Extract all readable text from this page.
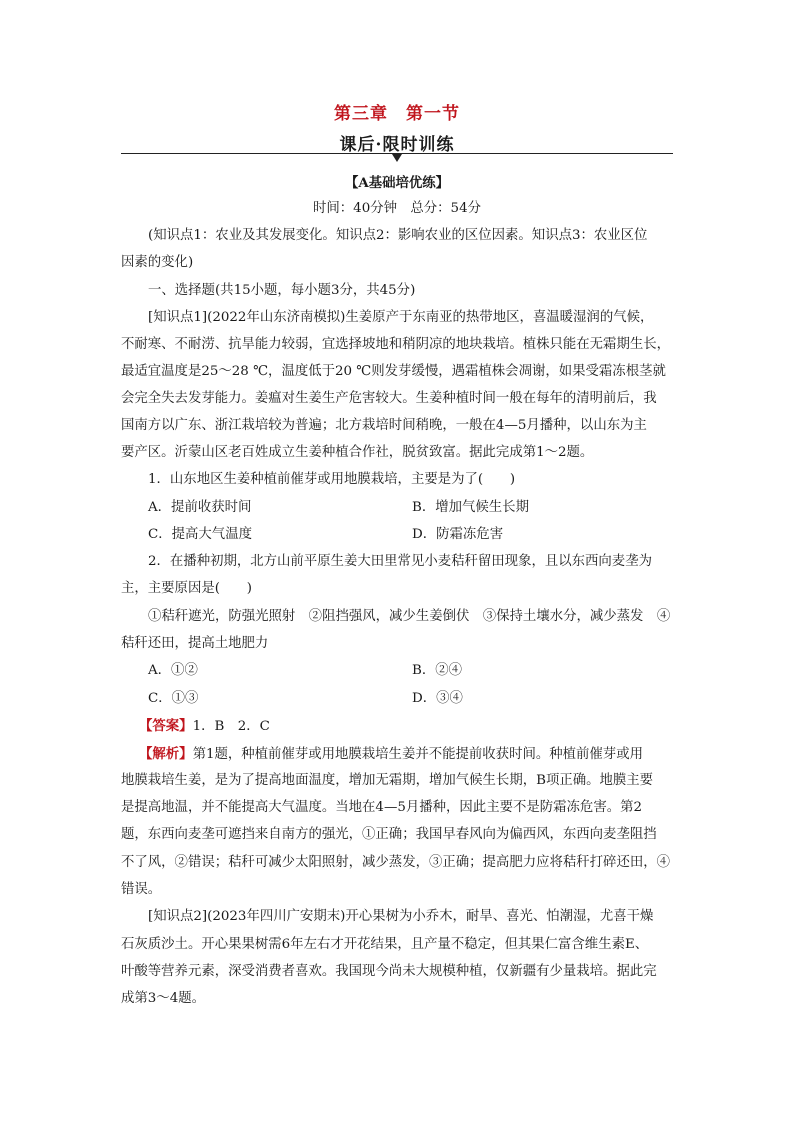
第三章　第一节
课后·限时训练
【A基础培优练】
时间：40分钟　总分：54分
(知识点1：农业及其发展变化。知识点2：影响农业的区位因素。知识点3：农业区位
因素的变化)
一、选择题(共15小题，每小题3分，共45分)
[知识点1](2022年山东济南模拟)生姜原产于东南亚的热带地区，喜温暖湿润的气候，
不耐寒、不耐涝、抗旱能力较弱，宜选择坡地和稍阴凉的地块栽培。植株只能在无霜期生长，
最适宜温度是25～28 ℃，温度低于20 ℃则发芽缓慢，遇霜植株会凋谢，如果受霜冻根茎就
会完全失去发芽能力。姜瘟对生姜生产危害较大。生姜种植时间一般在每年的清明前后，我
国南方以广东、浙江栽培较为普遍；北方栽培时间稍晚，一般在4—5月播种，以山东为主
要产区。沂蒙山区老百姓成立生姜种植合作社，脱贫致富。据此完成第1～2题。
1．山东地区生姜种植前催芽或用地膜栽培，主要是为了(　　)
A．提前收获时间	B．增加气候生长期
C．提高大气温度	D．防霜冻危害
2．在播种初期，北方山前平原生姜大田里常见小麦秸秆留田现象，且以东西向麦垄为
主，主要原因是(　　)
①秸秆遮光，防强光照射　②阻挡强风，减少生姜倒伏　③保持土壤水分，减少蒸发　④
秸秆还田，提高土地肥力
A．①②	B．②④
C．①③	D．③④
【答案】1．B　2．C
【解析】第1题，种植前催芽或用地膜栽培生姜并不能提前收获时间。种植前催芽或用
地膜栽培生姜，是为了提高地面温度，增加无霜期，增加气候生长期，B项正确。地膜主要
是提高地温，并不能提高大气温度。当地在4—5月播种，因此主要不是防霜冻危害。第2
题，东西向麦垄可遮挡来自南方的强光，①正确；我国早春风向为偏西风，东西向麦垄阻挡
不了风，②错误；秸秆可减少太阳照射，减少蒸发，③正确；提高肥力应将秸秆打碎还田，④
错误。
[知识点2](2023年四川广安期末)开心果树为小乔木，耐旱、喜光、怕潮湿，尤喜干燥
石灰质沙土。开心果果树需6年左右才开花结果，且产量不稳定，但其果仁富含维生素E、
叶酸等营养元素，深受消费者喜欢。我国现今尚未大规模种植，仅新疆有少量栽培。据此完
成第3～4题。
